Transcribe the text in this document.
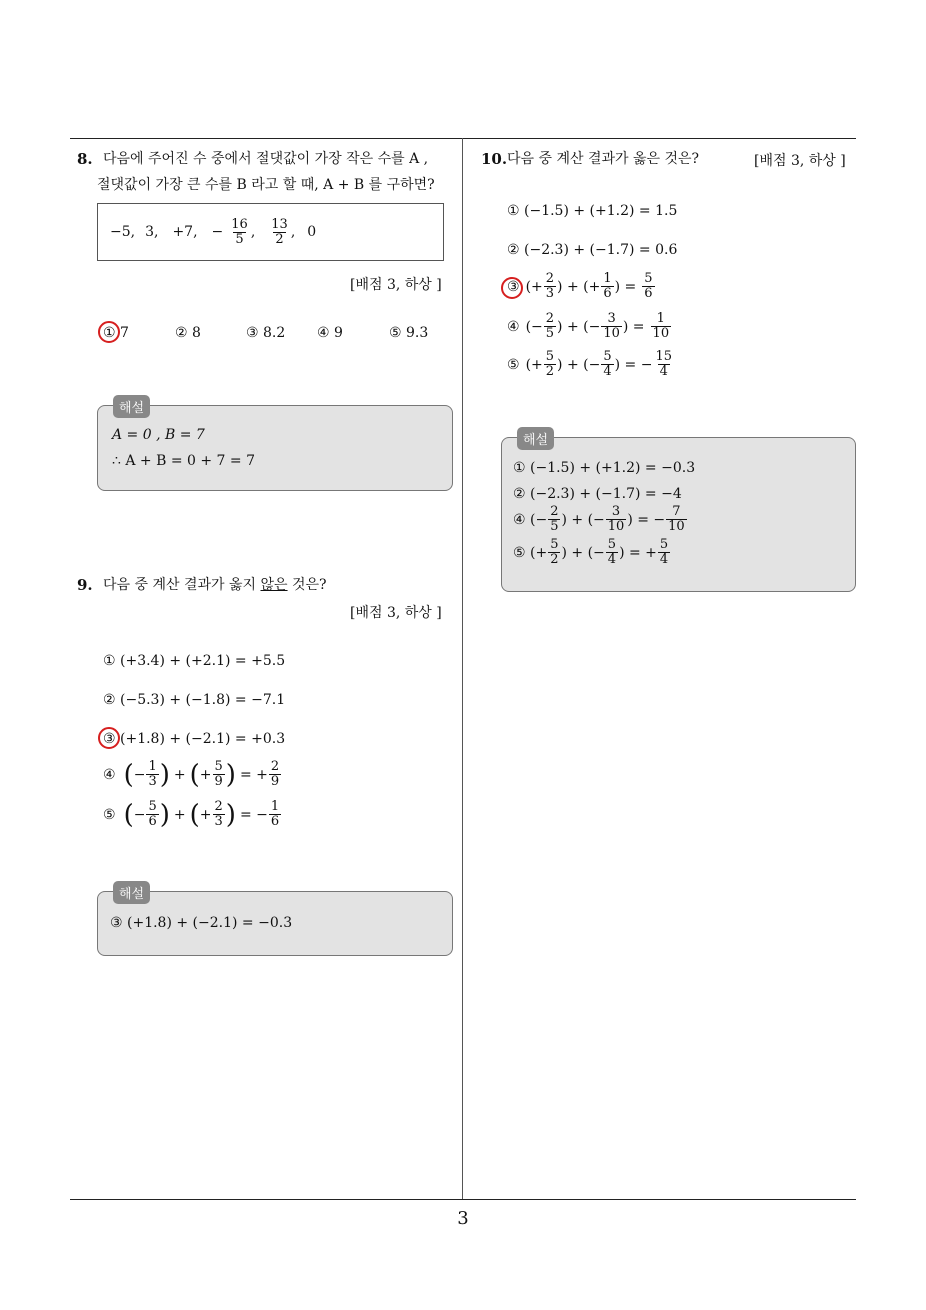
3
8. 다음에 주어진 수 중에서 절댓값이 가장 작은 수를 A ,
절댓값이 가장 큰 수를 B 라고 할 때, A + B 를 구하면?
−5, 3, +7, − $\frac{16}{5}$ , $\frac{13}{2}$ , 0
[배점 3, 하상 ]
① 7	② 8	③ 8.2 ④ 9	⑤ 9.3
해설
A = 0 , B = 7
∴ A + B = 0 + 7 = 7
9. 다음 중 계산 결과가 옳지 않은 것은?
[배점 3, 하상 ]
① (+3.4) + (+2.1) = +5.5
② (−5.3) + (−1.8) = −7.1
③ (+1.8) + (−2.1) = +0.3
④ ( − $\frac{1}{3}$ ) + ( + $\frac{5}{9}$ ) = + $\frac{2}{9}$
⑤ ( − $\frac{5}{6}$ ) + ( + $\frac{2}{3}$ ) = − $\frac{1}{6}$
해설
③ (+1.8) + (−2.1) = −0.3
10. 다음 중 계산 결과가 옳은 것은?	[배점 3, 하상 ]
① (−1.5) + (+1.2) = 1.5
② (−2.3) + (−1.7) = 0.6
③ (+ $\frac{2}{3}$ ) + (+ $\frac{1}{6}$ ) = $\frac{5}{6}$
④ (− $\frac{2}{5}$ ) + (− $\frac{3}{10}$ ) = $\frac{1}{10}$
⑤ (+ $\frac{5}{2}$ ) + (− $\frac{5}{4}$ ) = − $\frac{15}{4}$
해설
① (−1.5) + (+1.2) = −0.3
② (−2.3) + (−1.7) = −4
④ (− $\frac{2}{5}$ ) + (− $\frac{3}{10}$ ) = − $\frac{7}{10}$
⑤ (+ $\frac{5}{2}$ ) + (− $\frac{5}{4}$ ) = + $\frac{5}{4}$
